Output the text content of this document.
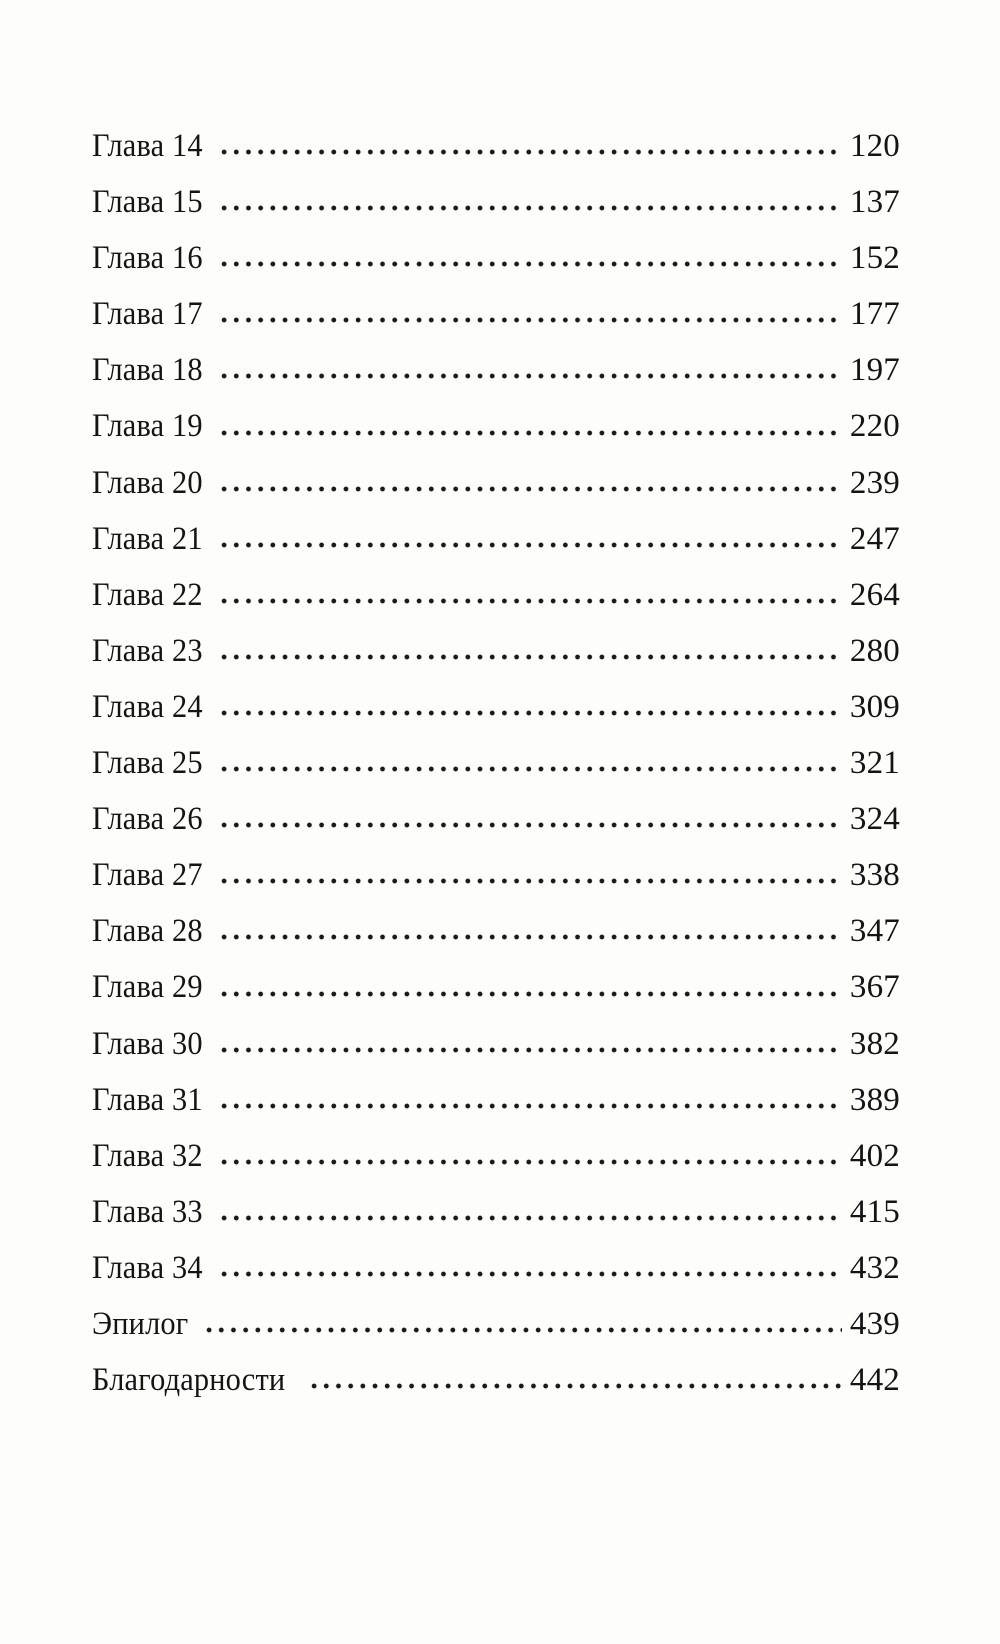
Глава 14	120
Глава 15	137
Глава 16	152
Глава 17	177
Глава 18	197
Глава 19	220
Глава 20	239
Глава 21	247
Глава 22	264
Глава 23	280
Глава 24	309
Глава 25	321
Глава 26	324
Глава 27	338
Глава 28	347
Глава 29	367
Глава 30	382
Глава 31	389
Глава 32	402
Глава 33	415
Глава 34	432
Эпилог	439
Благодарности	442
